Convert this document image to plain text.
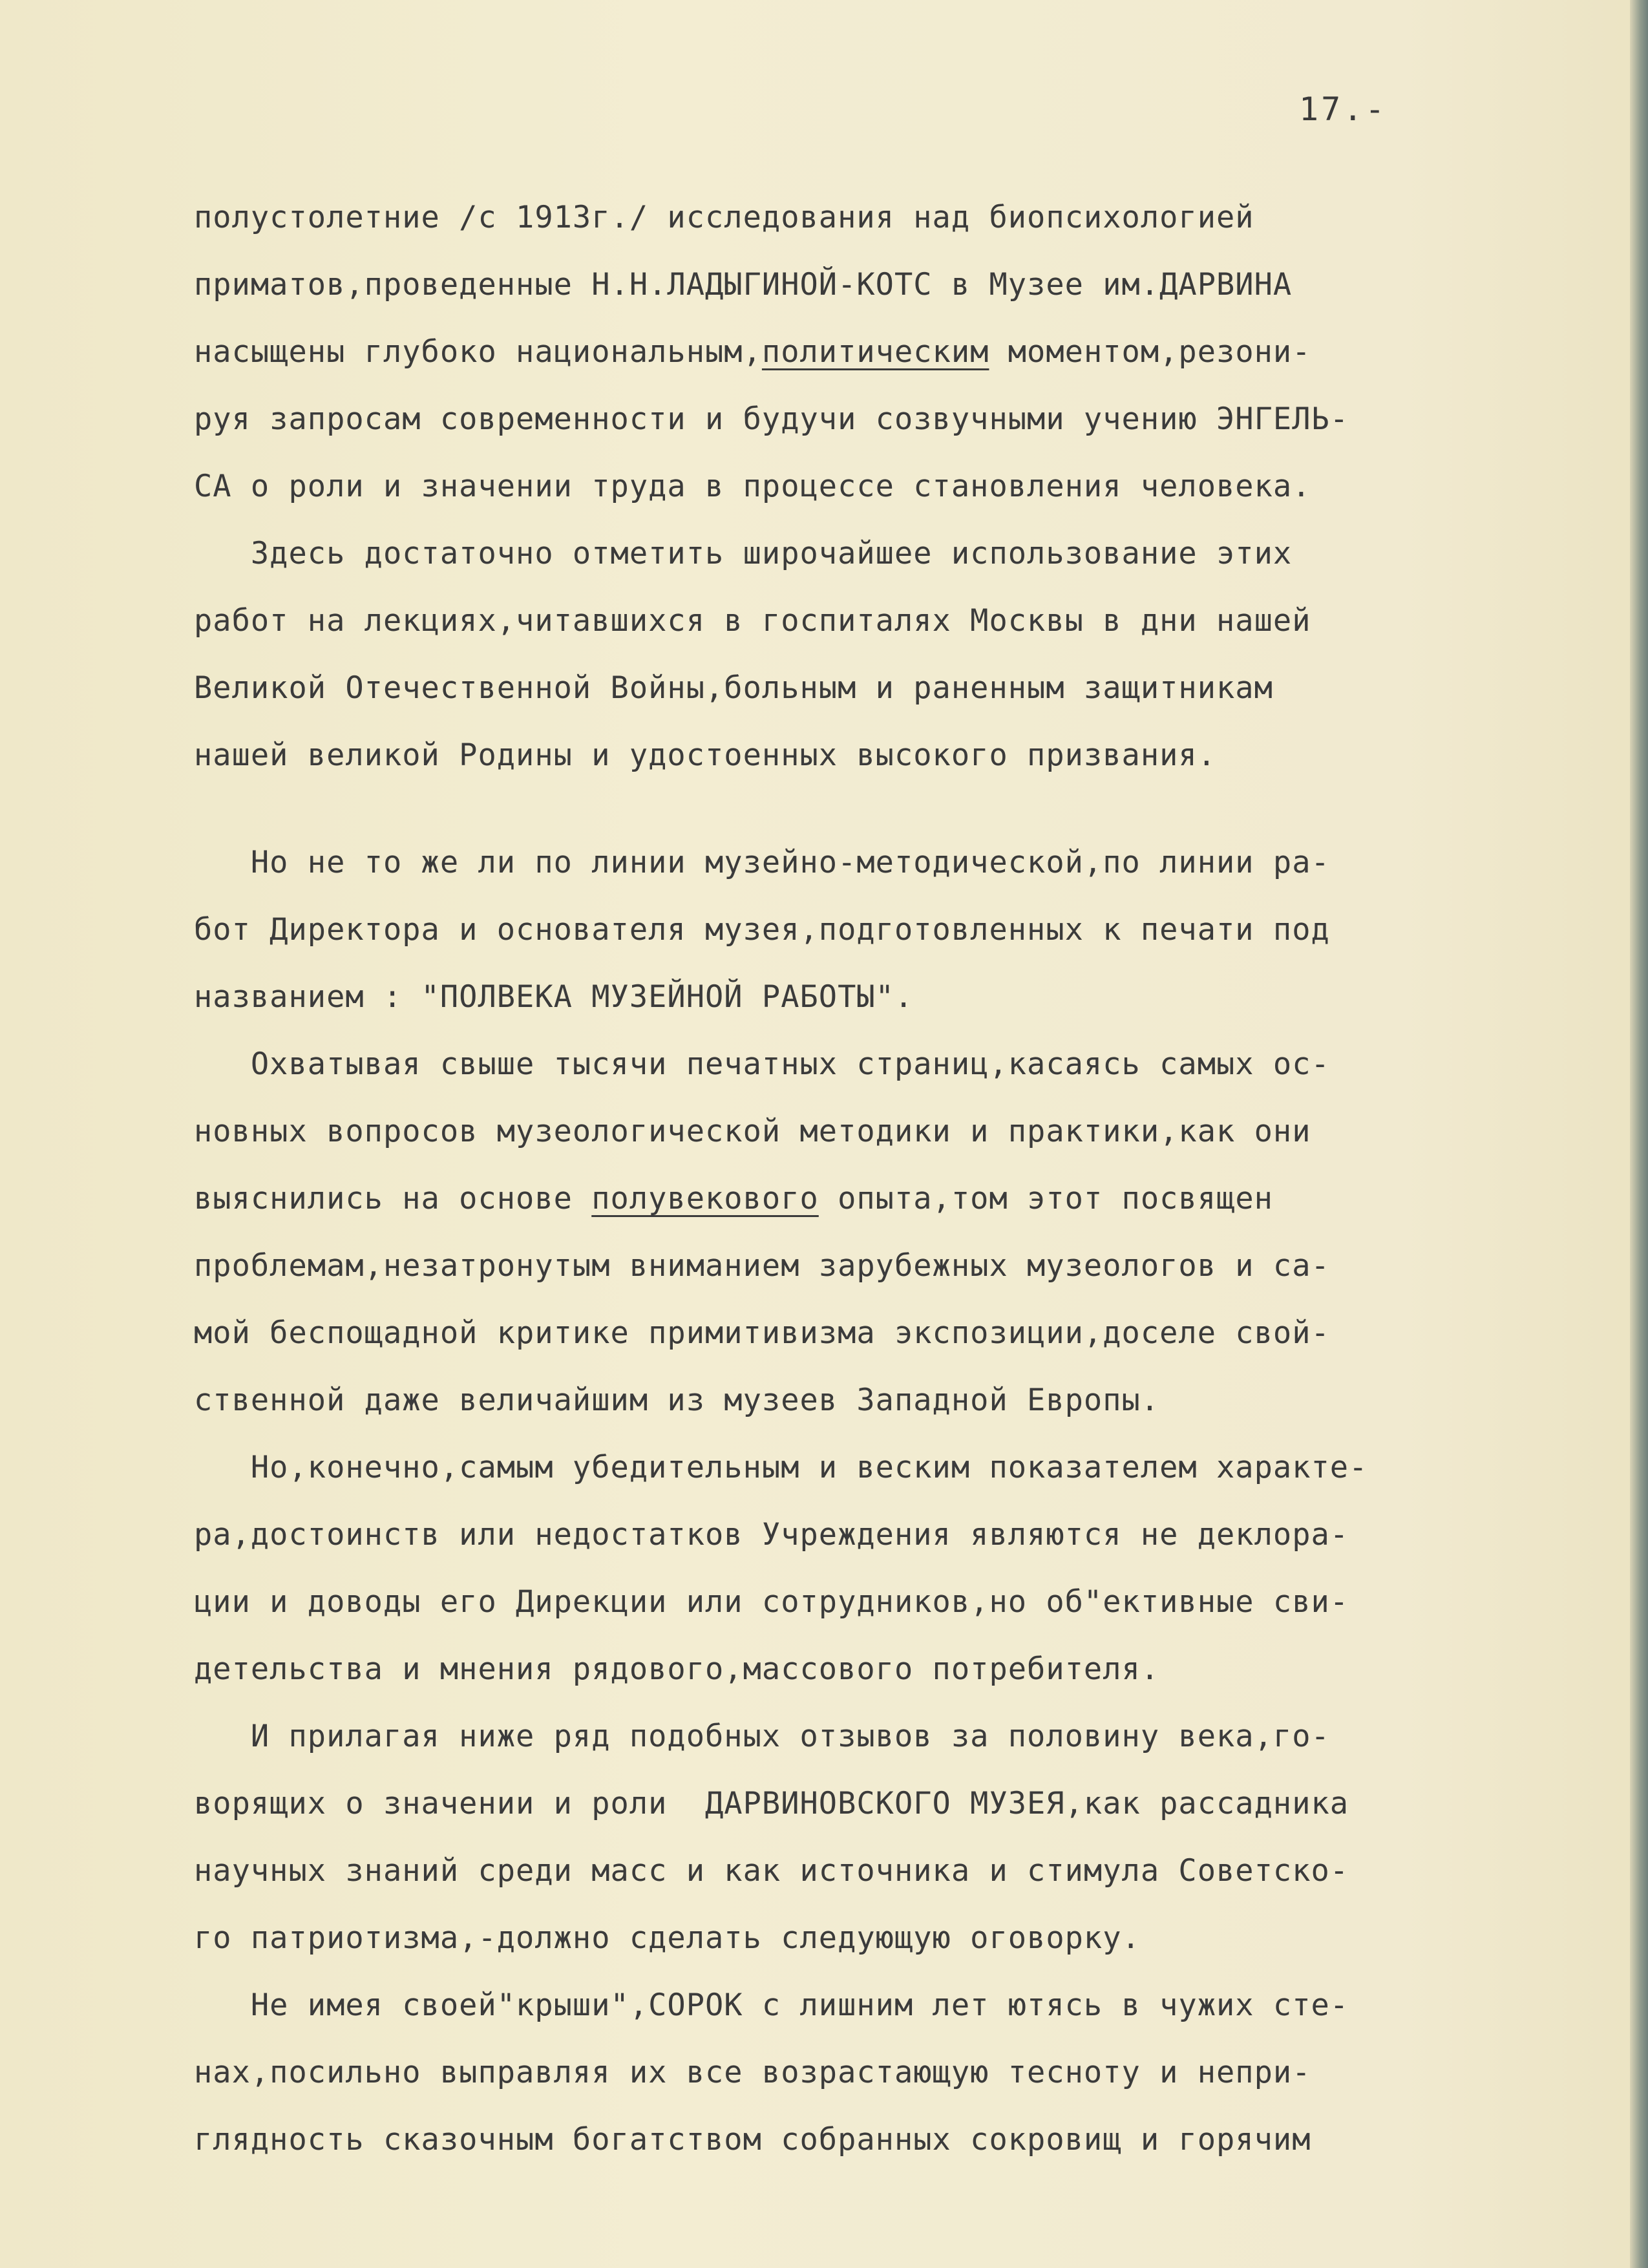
17.-
полустолетние /с 1913г./ исследования над биопсихологией
приматов,проведенные Н.Н.ЛАДЫГИНОЙ-КОТС в Музее им.ДАРВИНА
насыщены глубоко национальным,политическим моментом,резони-
руя запросам современности и будучи созвучными учению ЭНГЕЛЬ-
СА о роли и значении труда в процессе становления человека.
Здесь достаточно отметить широчайшее использование этих
работ на лекциях,читавшихся в госпиталях Москвы в дни нашей
Великой Отечественной Войны,больным и раненным защитникам
нашей великой Родины и удостоенных высокого призвания.
Но не то же ли по линии музейно-методической,по линии ра-
бот Директора и основателя музея,подготовленных к печати под
названием : "ПОЛВЕКА МУЗЕЙНОЙ РАБОТЫ".
Охватывая свыше тысячи печатных страниц,касаясь самых ос-
новных вопросов музеологической методики и практики,как они
выяснились на основе полувекового опыта,том этот посвящен
проблемам,незатронутым вниманием зарубежных музеологов и са-
мой беспощадной критике примитивизма экспозиции,доселе свой-
ственной даже величайшим из музеев Западной Европы.
Но,конечно,самым убедительным и веским показателем характе-
ра,достоинств или недостатков Учреждения являются не деклора-
ции и доводы его Дирекции или сотрудников,но об"ективные сви-
детельства и мнения рядового,массового потребителя.
И прилагая ниже ряд подобных отзывов за половину века,го-
ворящих о значении и роли  ДАРВИНОВСКОГО МУЗЕЯ,как рассадника
научных знаний среди масс и как источника и стимула Советско-
го патриотизма,-должно сделать следующую оговорку.
Не имея своей"крыши",СОРОК с лишним лет ютясь в чужих сте-
нах,посильно выправляя их все возрастающую тесноту и непри-
глядность сказочным богатством собранных сокровищ и горячим
